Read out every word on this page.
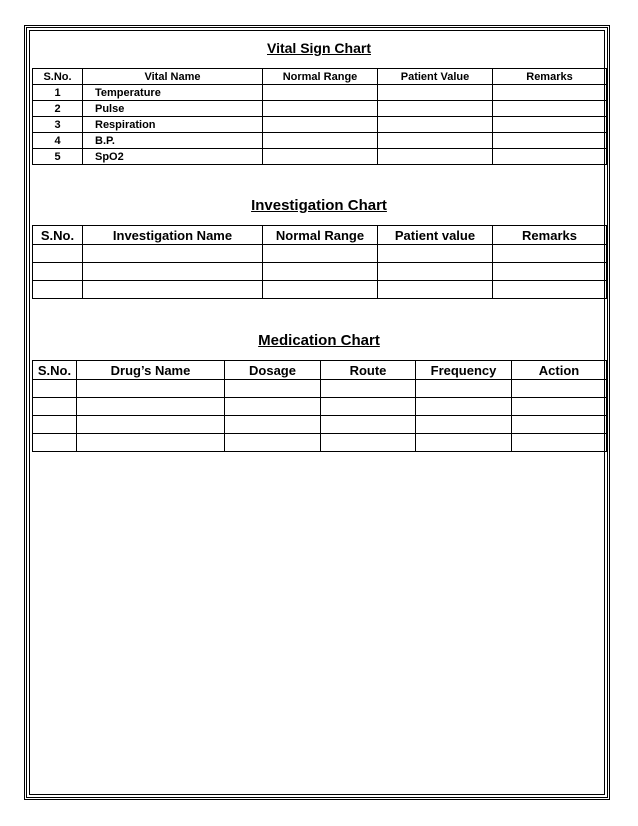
Vital Sign Chart
S.No.	Vital Name	Normal Range	Patient Value	Remarks
1	Temperature			
2	Pulse			
3	Respiration			
4	B.P.			
5	SpO2			
Investigation Chart
S.No.	Investigation Name	Normal Range	Patient value	Remarks

Medication Chart
S.No.	Drug’s Name	Dosage	Route	Frequency	Action
